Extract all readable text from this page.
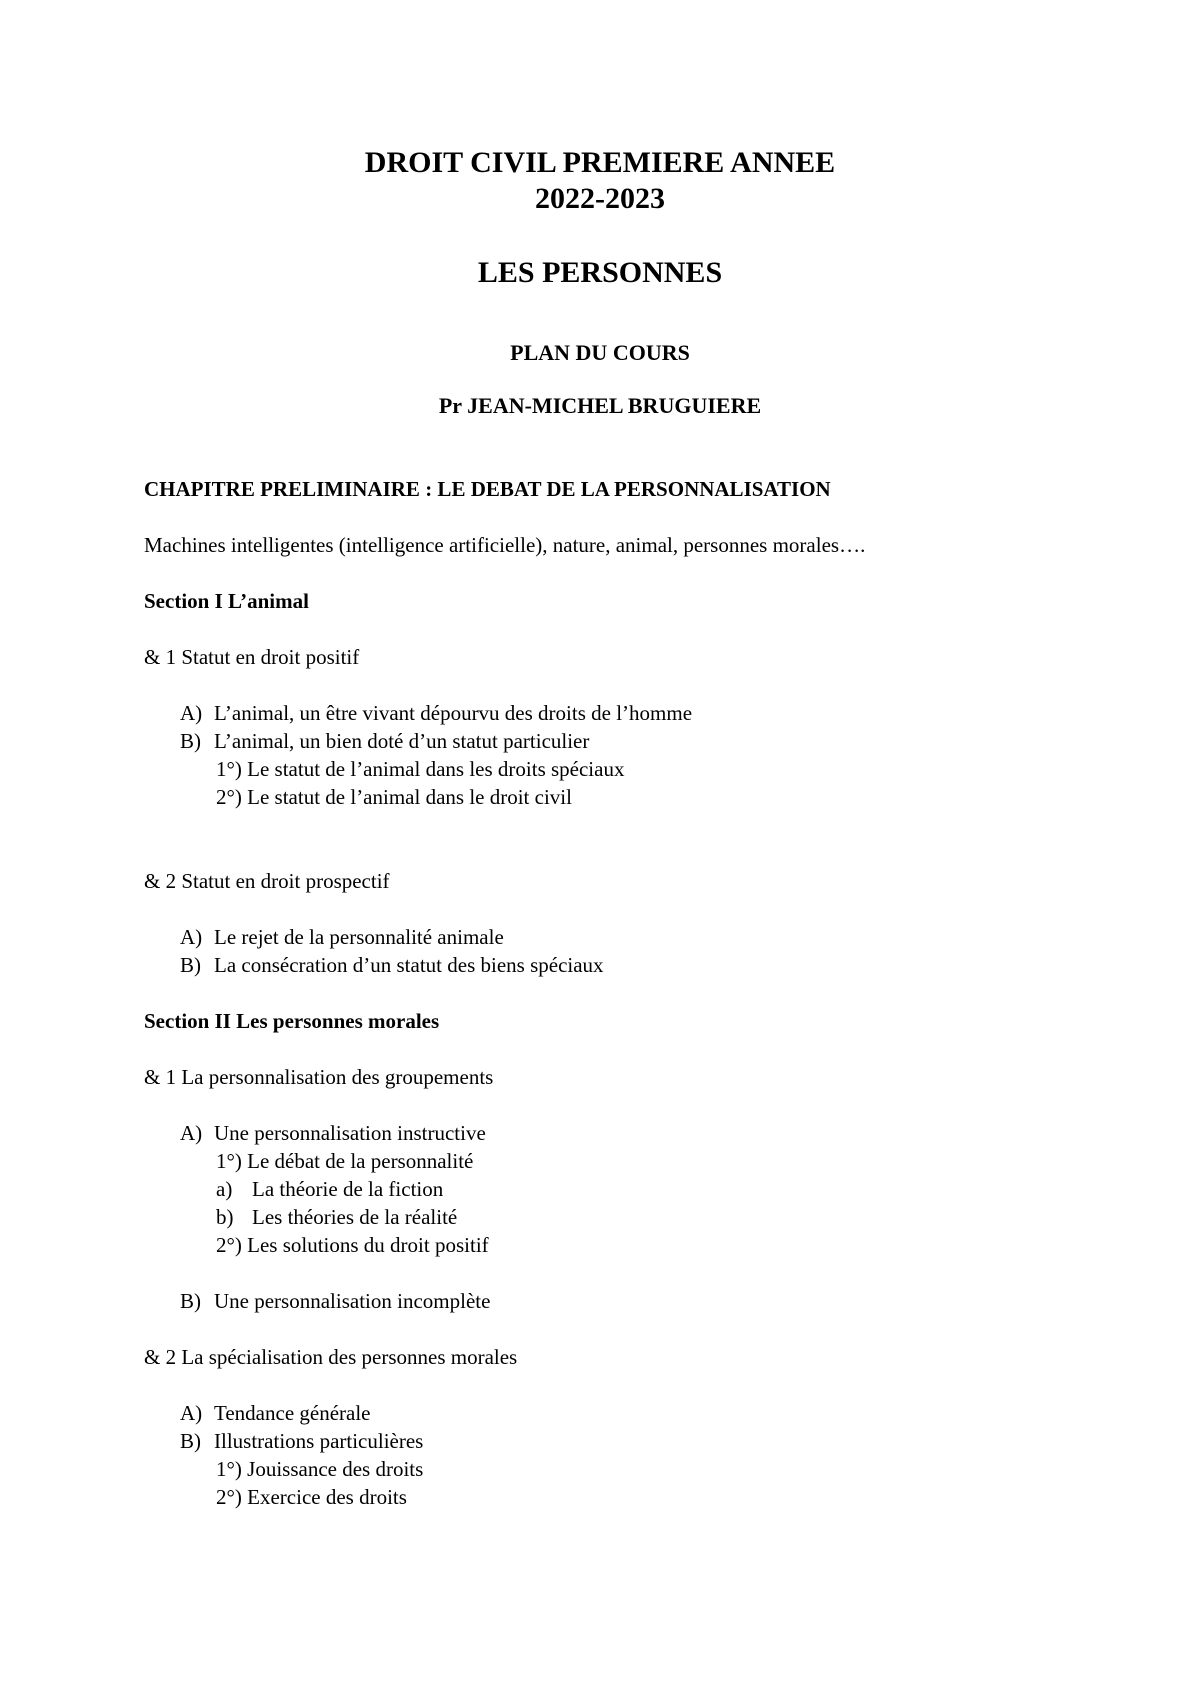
DROIT CIVIL PREMIERE ANNEE
2022-2023
LES PERSONNES
PLAN DU COURS
Pr JEAN-MICHEL BRUGUIERE
CHAPITRE PRELIMINAIRE : LE DEBAT DE LA PERSONNALISATION
Machines intelligentes (intelligence artificielle), nature, animal, personnes morales….
Section I L’animal
& 1 Statut en droit positif
A) L’animal, un être vivant dépourvu des droits de l’homme
B) L’animal, un bien doté d’un statut particulier
1°) Le statut de l’animal dans les droits spéciaux
2°) Le statut de l’animal dans le droit civil
& 2 Statut en droit prospectif
A) Le rejet de la personnalité animale
B) La consécration d’un statut des biens spéciaux
Section II Les personnes morales
& 1 La personnalisation des groupements
A) Une personnalisation instructive
1°) Le débat de la personnalité
a) La théorie de la fiction
b) Les théories de la réalité
2°) Les solutions du droit positif
B) Une personnalisation incomplète
& 2 La spécialisation des personnes morales
A) Tendance générale
B) Illustrations particulières
1°) Jouissance des droits
2°) Exercice des droits
